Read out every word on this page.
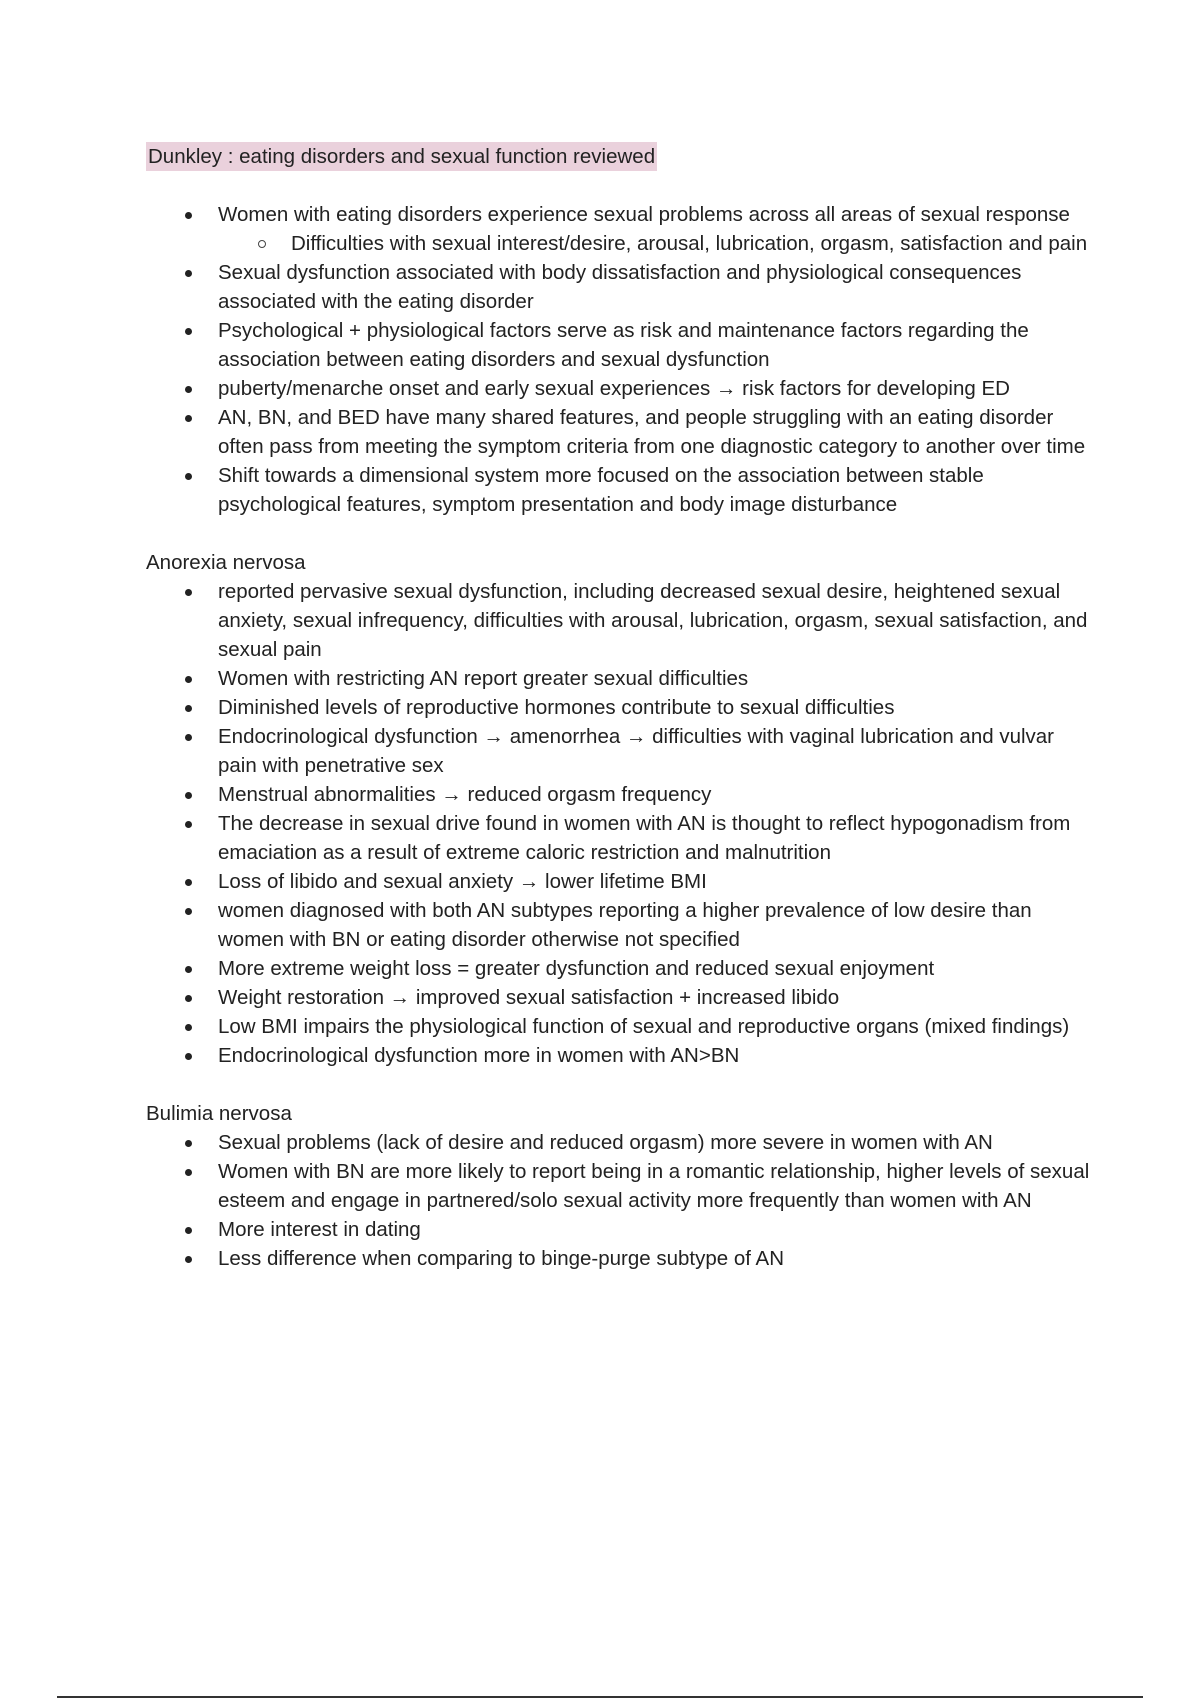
Dunkley : eating disorders and sexual function reviewed
Women with eating disorders experience sexual problems across all areas of sexual response
Difficulties with sexual interest/desire, arousal, lubrication, orgasm, satisfaction and pain
Sexual dysfunction associated with body dissatisfaction and physiological consequences associated with the eating disorder
Psychological + physiological factors serve as risk and maintenance factors regarding the association between eating disorders and sexual dysfunction
puberty/menarche onset and early sexual experiences → risk factors for developing ED
AN, BN, and BED have many shared features, and people struggling with an eating disorder often pass from meeting the symptom criteria from one diagnostic category to another over time
Shift towards a dimensional system more focused on the association between stable psychological features, symptom presentation and body image disturbance
Anorexia nervosa
reported pervasive sexual dysfunction, including decreased sexual desire, heightened sexual anxiety, sexual infrequency, difficulties with arousal, lubrication, orgasm, sexual satisfaction, and sexual pain
Women with restricting AN report greater sexual difficulties
Diminished levels of reproductive hormones contribute to sexual difficulties
Endocrinological dysfunction → amenorrhea → difficulties with vaginal lubrication and vulvar pain with penetrative sex
Menstrual abnormalities → reduced orgasm frequency
The decrease in sexual drive found in women with AN is thought to reflect hypogonadism from emaciation as a result of extreme caloric restriction and malnutrition
Loss of libido and sexual anxiety → lower lifetime BMI
women diagnosed with both AN subtypes reporting a higher prevalence of low desire than women with BN or eating disorder otherwise not specified
More extreme weight loss = greater dysfunction and reduced sexual enjoyment
Weight restoration → improved sexual satisfaction + increased libido
Low BMI impairs the physiological function of sexual and reproductive organs (mixed findings)
Endocrinological dysfunction more in women with AN>BN
Bulimia nervosa
Sexual problems (lack of desire and reduced orgasm) more severe in women with AN
Women with BN are more likely to report being in a romantic relationship, higher levels of sexual esteem and engage in partnered/solo sexual activity more frequently than women with AN
More interest in dating
Less difference when comparing to binge-purge subtype of AN
